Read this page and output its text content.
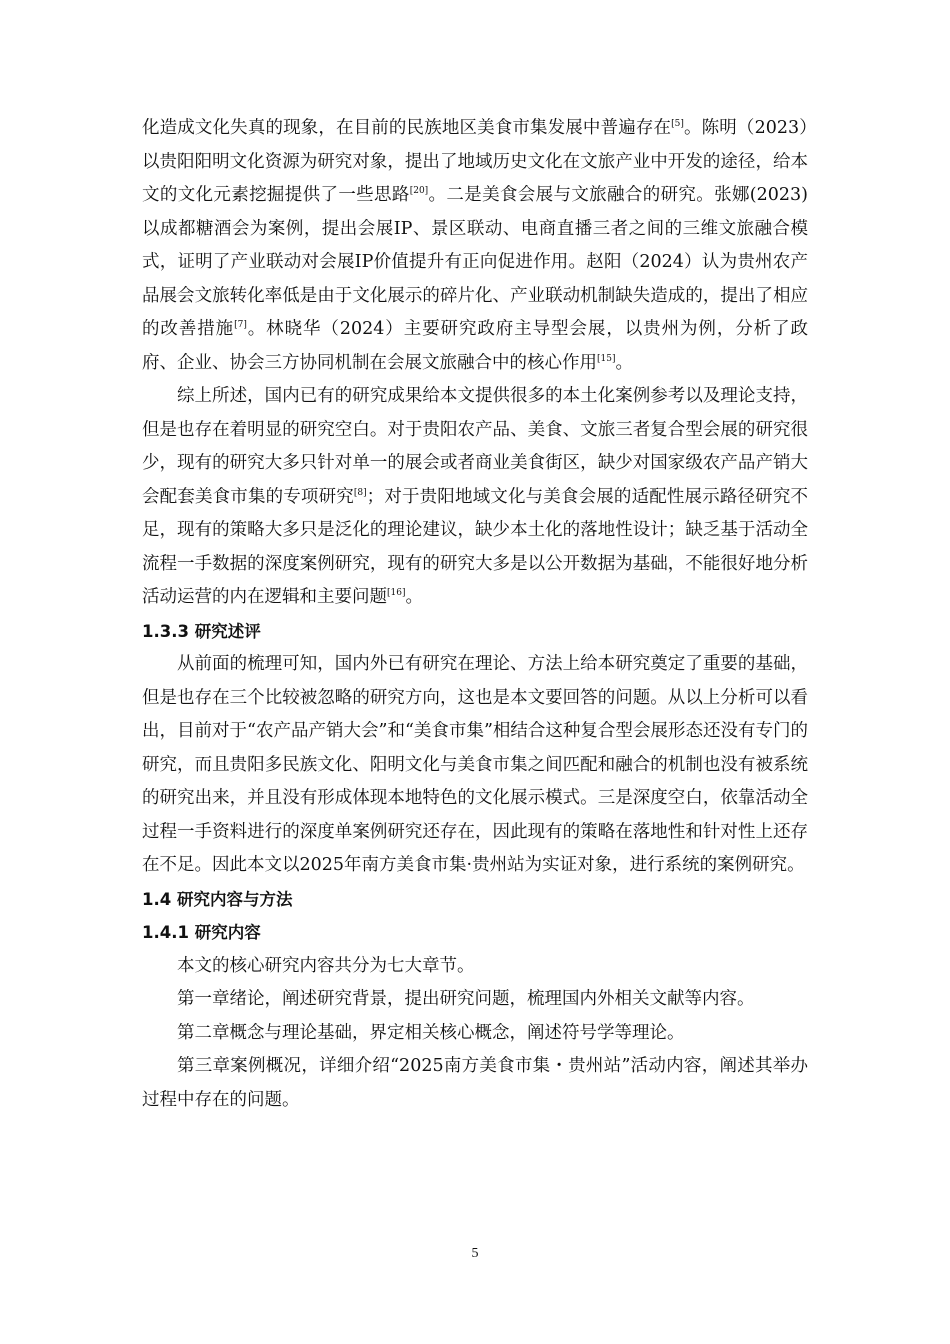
化造成文化失真的现象，在目前的民族地区美食市集发展中普遍存在[5]。陈明（2023）以贵阳阳明文化资源为研究对象，提出了地域历史文化在文旅产业中开发的途径，给本文的文化元素挖掘提供了一些思路[20]。二是美食会展与文旅融合的研究。张娜(2023)以成都糖酒会为案例，提出会展IP、景区联动、电商直播三者之间的三维文旅融合模式，证明了产业联动对会展IP价值提升有正向促进作用。赵阳（2024）认为贵州农产品展会文旅转化率低是由于文化展示的碎片化、产业联动机制缺失造成的，提出了相应的改善措施[7]。林晓华（2024）主要研究政府主导型会展，以贵州为例，分析了政府、企业、协会三方协同机制在会展文旅融合中的核心作用[15]。

综上所述，国内已有的研究成果给本文提供很多的本土化案例参考以及理论支持，但是也存在着明显的研究空白。对于贵阳农产品、美食、文旅三者复合型会展的研究很少，现有的研究大多只针对单一的展会或者商业美食街区，缺少对国家级农产品产销大会配套美食市集的专项研究[8]；对于贵阳地域文化与美食会展的适配性展示路径研究不足，现有的策略大多只是泛化的理论建议，缺少本土化的落地性设计；缺乏基于活动全流程一手数据的深度案例研究，现有的研究大多是以公开数据为基础，不能很好地分析活动运营的内在逻辑和主要问题[16]。

1.3.3 研究述评

从前面的梳理可知，国内外已有研究在理论、方法上给本研究奠定了重要的基础，但是也存在三个比较被忽略的研究方向，这也是本文要回答的问题。从以上分析可以看出，目前对于“农产品产销大会”和“美食市集”相结合这种复合型会展形态还没有专门的研究，而且贵阳多民族文化、阳明文化与美食市集之间匹配和融合的机制也没有被系统的研究出来，并且没有形成体现本地特色的文化展示模式。三是深度空白，依靠活动全过程一手资料进行的深度单案例研究还存在，因此现有的策略在落地性和针对性上还存在不足。因此本文以2025年南方美食市集·贵州站为实证对象，进行系统的案例研究。

1.4 研究内容与方法

1.4.1 研究内容

本文的核心研究内容共分为七大章节。

第一章绪论，阐述研究背景，提出研究问题，梳理国内外相关文献等内容。

第二章概念与理论基础，界定相关核心概念，阐述符号学等理论。

第三章案例概况，详细介绍“2025南方美食市集・贵州站”活动内容，阐述其举办过程中存在的问题。

5
